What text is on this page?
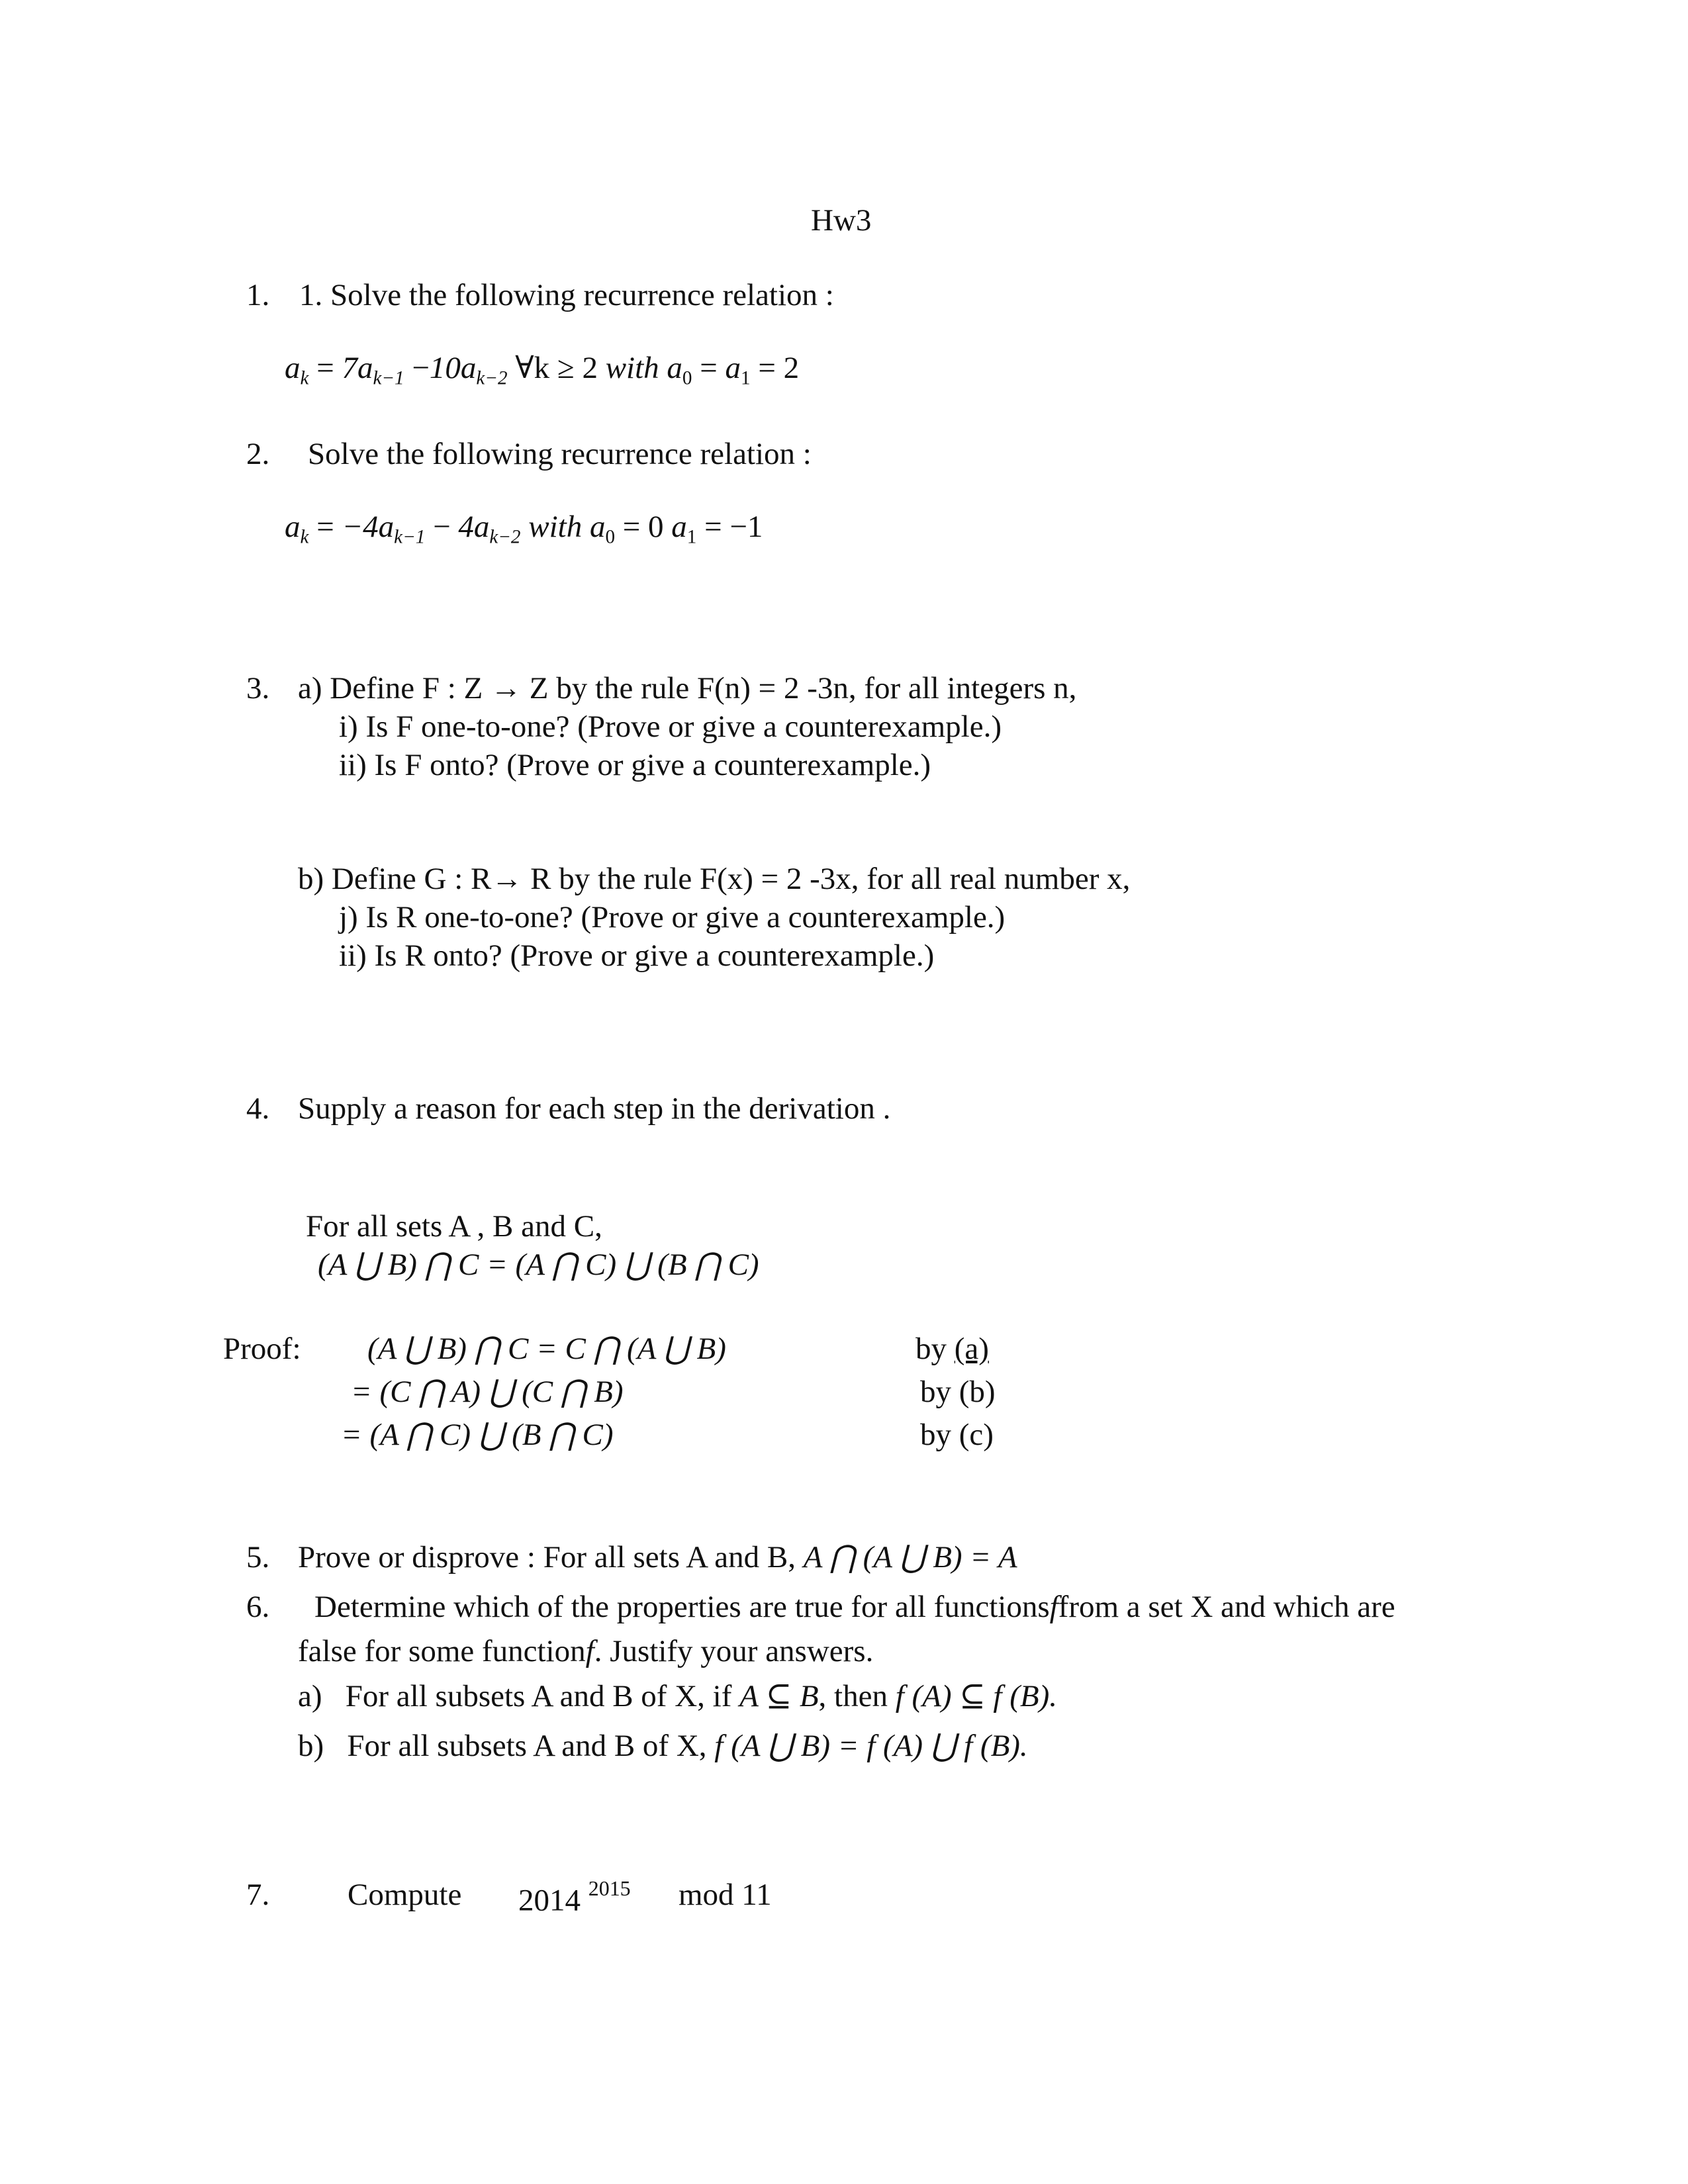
Hw3
1. 1. Solve the following recurrence relation :
$a_k = 7a_{k-1} -10a_{k-2}$ ∀k ≥ 2 with $a_0 = a_1 = 2$
2. Solve the following recurrence relation :
$a_k = -4a_{k-1} - 4a_{k-2}$ with $a_0 = 0$ $a_1 = -1$
3. a) Define F : Z → Z by the rule F(n) = 2 -3n, for all integers n,
i) Is F one-to-one? (Prove or give a counterexample.)
ii) Is F onto? (Prove or give a counterexample.)
b) Define G : R→ R by the rule F(x) = 2 -3x, for all real number x,
j) Is R one-to-one? (Prove or give a counterexample.)
ii) Is R onto? (Prove or give a counterexample.)
4. Supply a reason for each step in the derivation .
For all sets A , B and C,
(A ⋃ B) ⋂ C = (A ⋂ C) ⋃ (B ⋂ C)
Proof: (A ⋃ B) ⋂ C = C ⋂ (A ⋃ B)
= (C ⋂ A) ⋃ (C ⋂ B)
= (A ⋂ C) ⋃ (B ⋂ C)
by (a)
by (b)
by (c)
5. Prove or disprove : For all sets A and B, A ⋂ (A ⋃ B) = A
6. Determine which of the properties are true for all functionsffrom a set X and which are
false for some functionf. Justify your answers.
a) For all subsets A and B of X, if A ⊆ B, then f (A) ⊆ f (B).
b) For all subsets A and B of X, f (A ⋃ B) = f (A) ⋃ f (B).
7.	Compute 2014 $^{2015}$ mod 11
